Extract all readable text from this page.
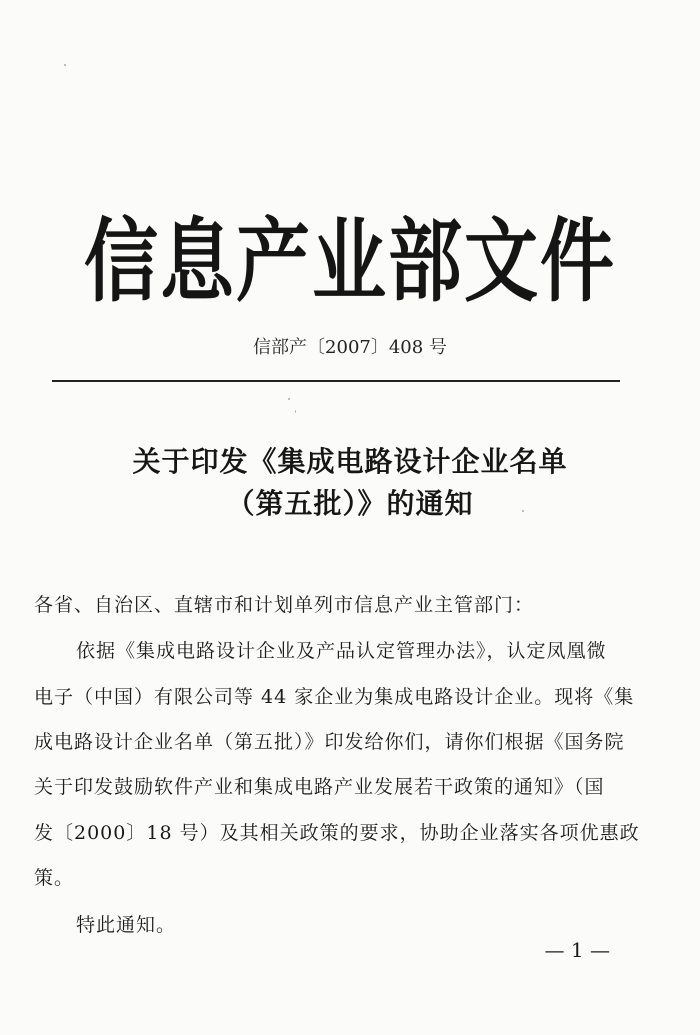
信息产业部文件
信部产〔2007〕408 号
关于印发《集成电路设计企业名单
（第五批）》的通知
各省、自治区、直辖市和计划单列市信息产业主管部门：
依据《集成电路设计企业及产品认定管理办法》，认定凤凰微
电子（中国）有限公司等 44 家企业为集成电路设计企业。现将《集
成电路设计企业名单（第五批）》印发给你们，请你们根据《国务院
关于印发鼓励软件产业和集成电路产业发展若干政策的通知》（国
发〔2000〕18 号）及其相关政策的要求，协助企业落实各项优惠政
策。
特此通知。
— 1 —
